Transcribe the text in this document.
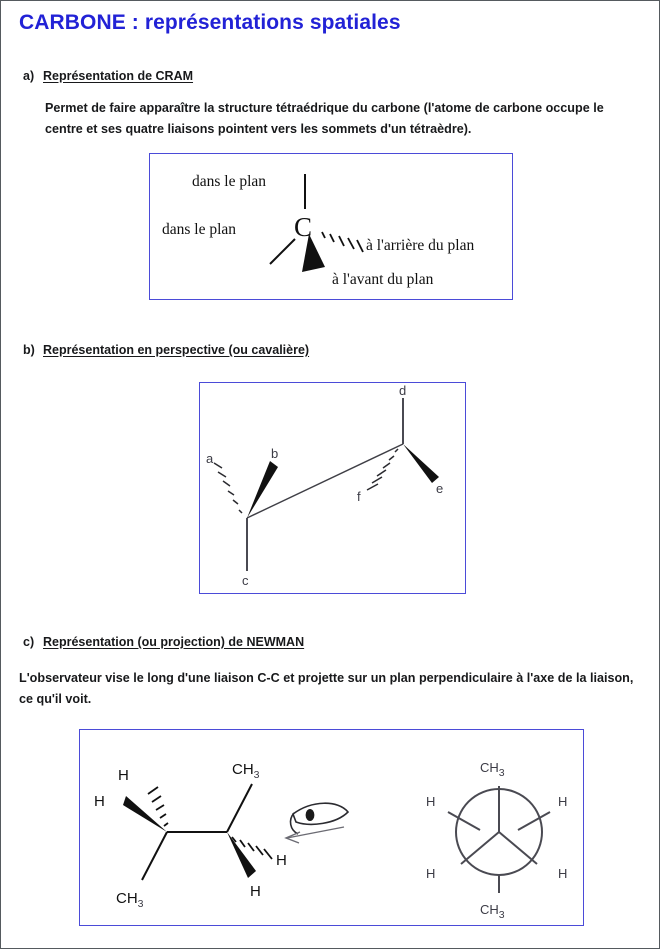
CARBONE : représentations spatiales
a) Représentation de CRAM
Permet de faire apparaître la structure tétraédrique du carbone (l'atome de carbone occupe le centre et ses quatre liaisons pointent vers les sommets d'un tétraèdre).
C
dans le plan
dans le plan
à l'arrière du plan
à l'avant du plan
b) Représentation en perspective (ou cavalière)
a	b
c
d
e
f
c) Représentation (ou projection) de NEWMAN
L'observateur vise le long d'une liaison C-C et projette sur un plan perpendiculaire à l'axe de la liaison, ce qu'il voit.
H
H
$CH_3$
$CH_3$
H
H
$CH_3$
H	H
H	H
$CH_3$
